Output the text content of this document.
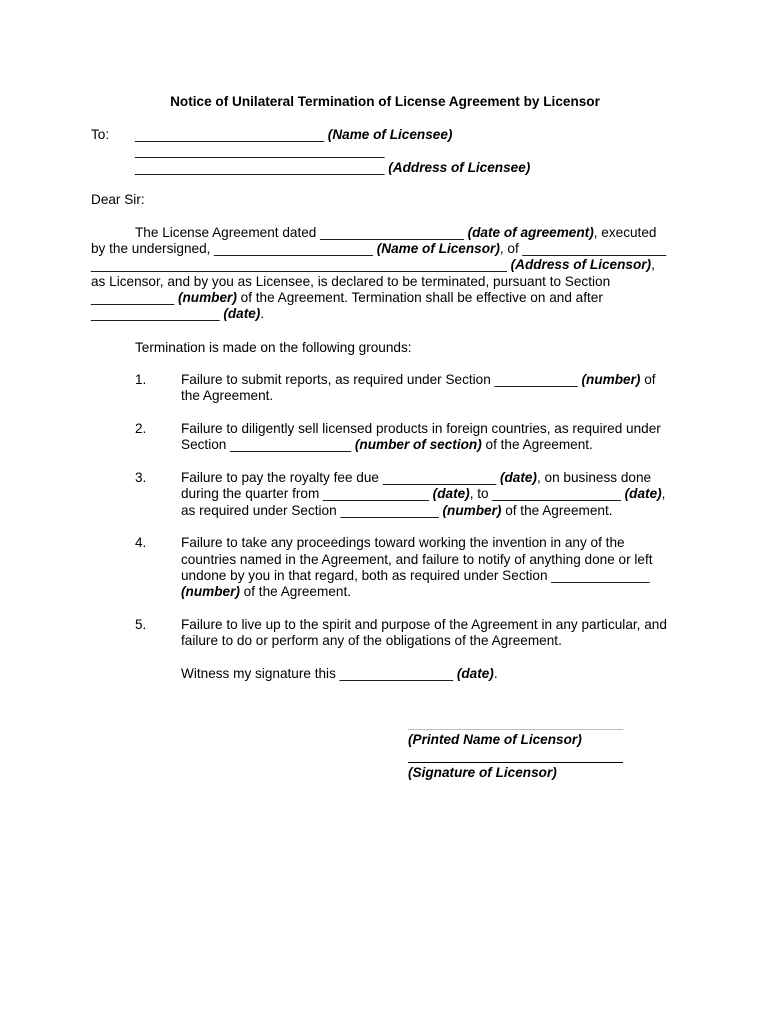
Notice of Unilateral Termination of License Agreement by Licensor
To: _________________________ (Name of Licensee)
_________________________________
_________________________________ (Address of Licensee)
Dear Sir:
The License Agreement dated ___________________ (date of agreement), executed
by the undersigned, _____________________ (Name of Licensor), of ___________________
_______________________________________________________ (Address of Licensor),
as Licensor, and by you as Licensee, is declared to be terminated, pursuant to Section
___________ (number) of the Agreement. Termination shall be effective on and after
_________________ (date).
Termination is made on the following grounds:
1.	Failure to submit reports, as required under Section ___________ (number) of
the Agreement.
2.	Failure to diligently sell licensed products in foreign countries, as required under
Section ________________ (number of section) of the Agreement.
3.	Failure to pay the royalty fee due _______________ (date), on business done
during the quarter from ______________ (date), to _________________ (date),
as required under Section _____________ (number) of the Agreement.
4.	Failure to take any proceedings toward working the invention in any of the
countries named in the Agreement, and failure to notify of anything done or left
undone by you in that regard, both as required under Section _____________
(number) of the Agreement.
5.	Failure to live up to the spirit and purpose of the Agreement in any particular, and
failure to do or perform any of the obligations of the Agreement.
Witness my signature this _______________ (date).
(Printed Name of Licensor)
(Signature of Licensor)
